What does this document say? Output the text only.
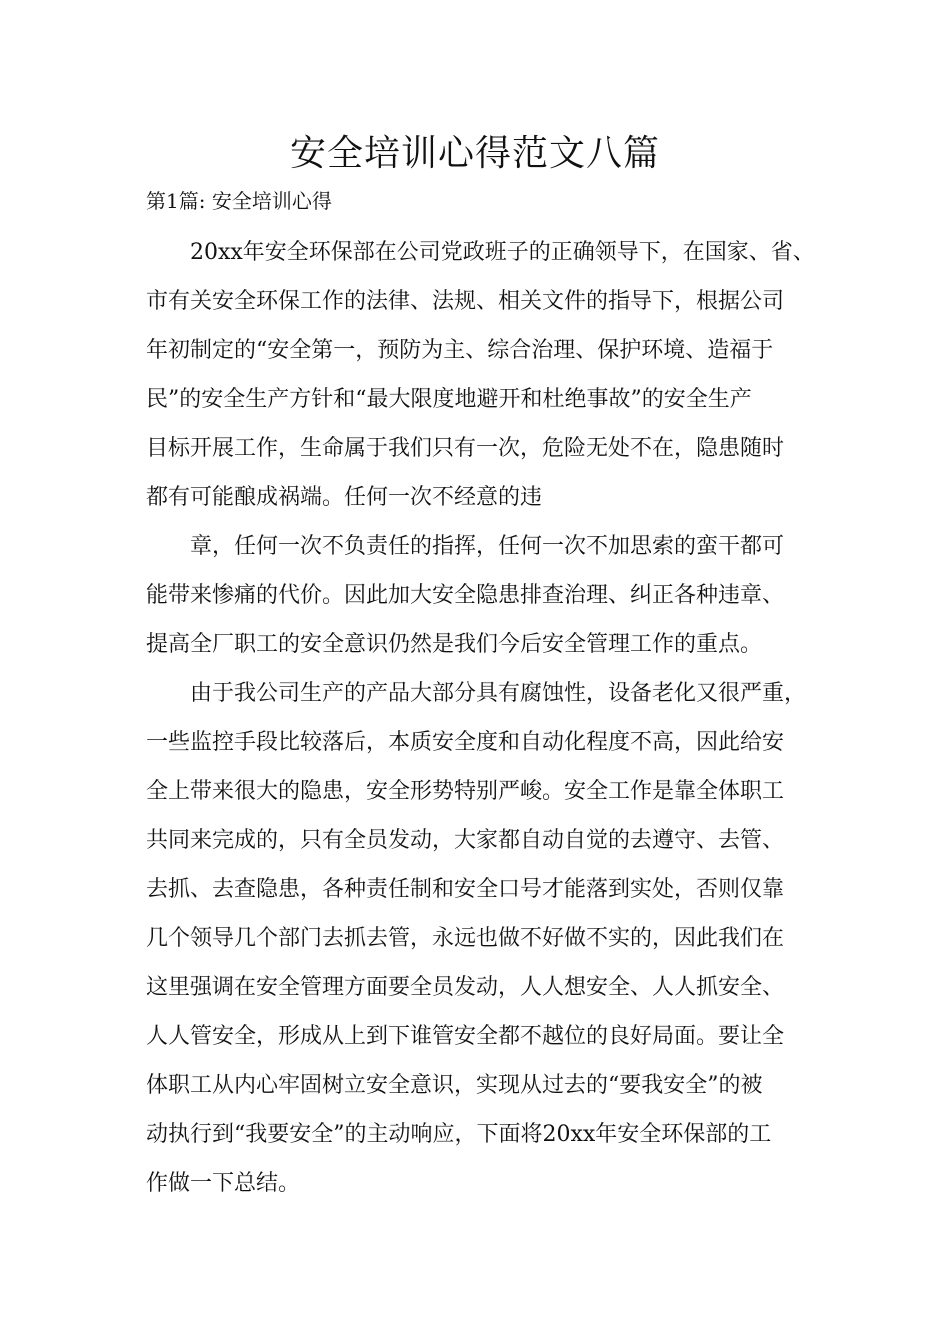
安全培训心得范文八篇

第1篇: 安全培训心得

20xx年安全环保部在公司党政班子的正确领导下，在国家、省、
市有关安全环保工作的法律、法规、相关文件的指导下，根据公司
年初制定的“安全第一，预防为主、综合治理、保护环境、造福于
民”的安全生产方针和“最大限度地避开和杜绝事故”的安全生产
目标开展工作，生命属于我们只有一次，危险无处不在，隐患随时
都有可能酿成祸端。任何一次不经意的违
章，任何一次不负责任的指挥，任何一次不加思索的蛮干都可
能带来惨痛的代价。因此加大安全隐患排查治理、纠正各种违章、
提高全厂职工的安全意识仍然是我们今后安全管理工作的重点。
由于我公司生产的产品大部分具有腐蚀性，设备老化又很严重，
一些监控手段比较落后，本质安全度和自动化程度不高，因此给安
全上带来很大的隐患，安全形势特别严峻。安全工作是靠全体职工
共同来完成的，只有全员发动，大家都自动自觉的去遵守、去管、
去抓、去查隐患，各种责任制和安全口号才能落到实处，否则仅靠
几个领导几个部门去抓去管，永远也做不好做不实的，因此我们在
这里强调在安全管理方面要全员发动，人人想安全、人人抓安全、
人人管安全，形成从上到下谁管安全都不越位的良好局面。要让全
体职工从内心牢固树立安全意识，实现从过去的“要我安全”的被
动执行到“我要安全”的主动响应，下面将20xx年安全环保部的工
作做一下总结。
